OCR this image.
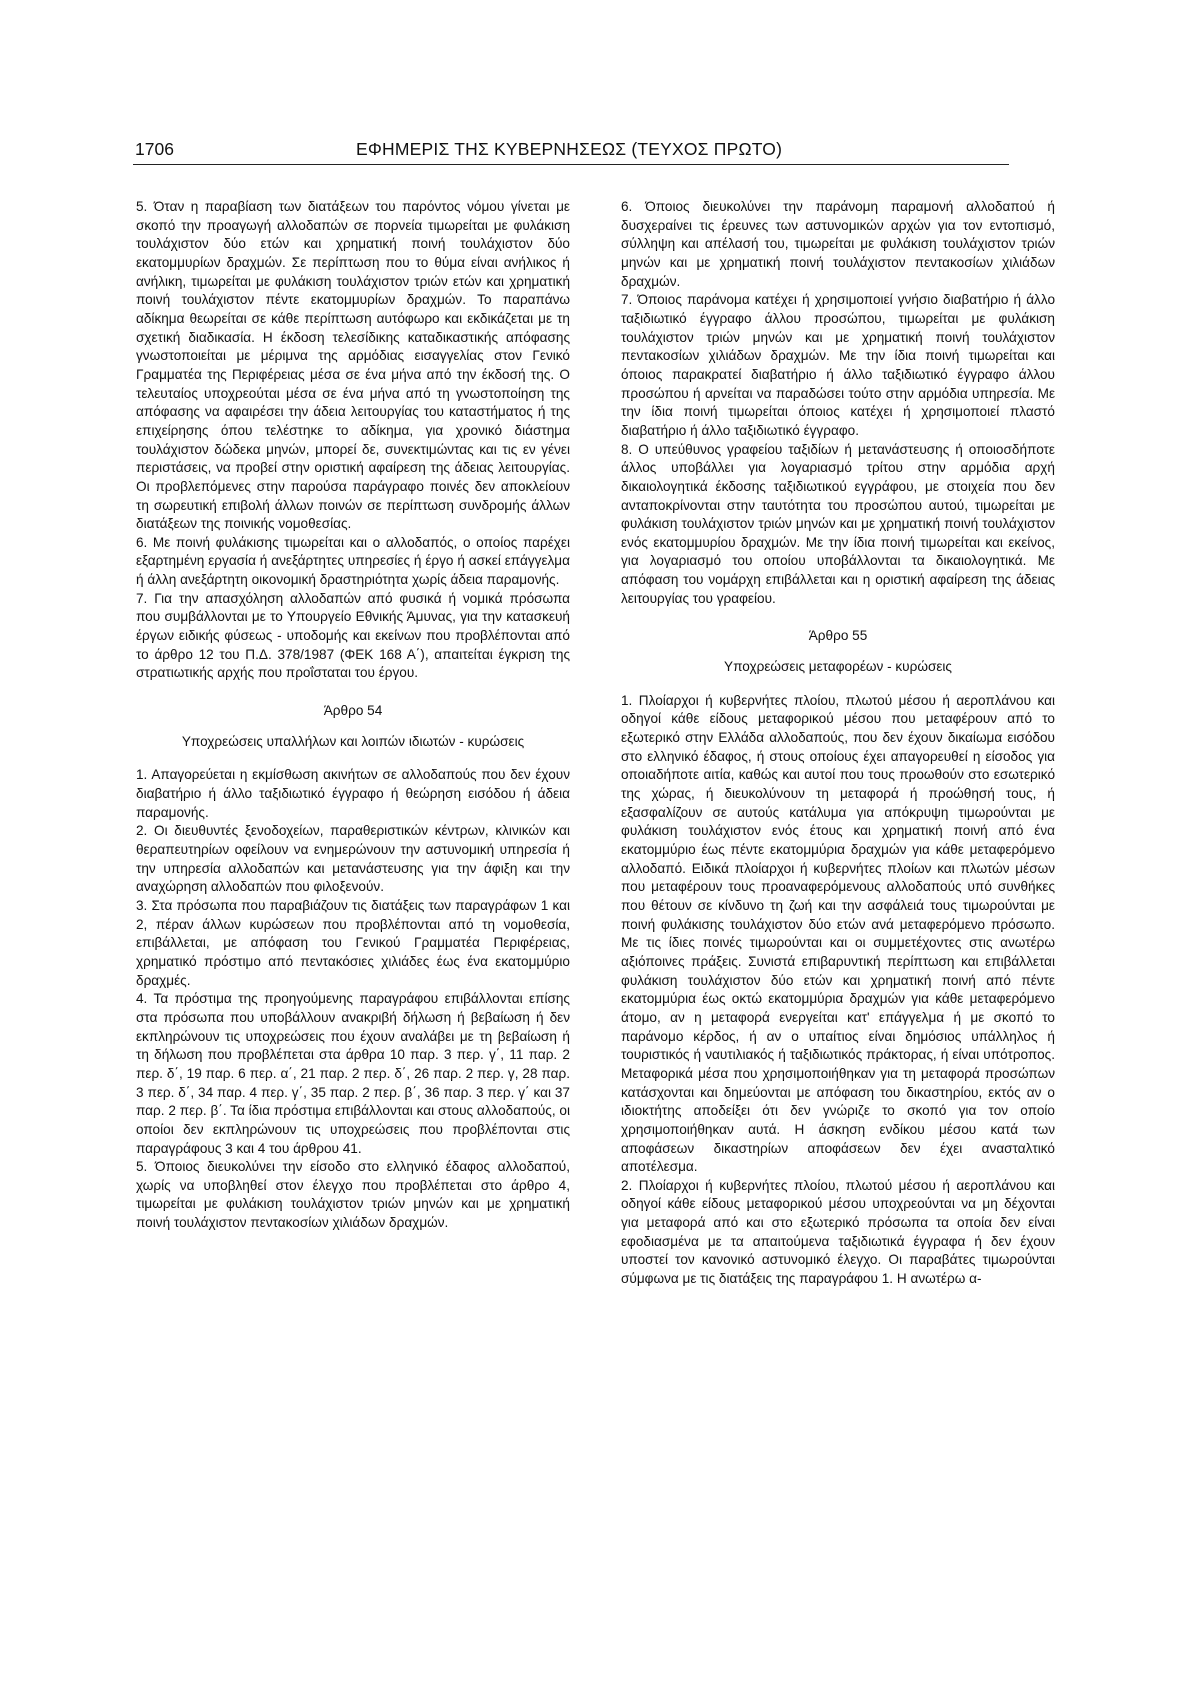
1706	ΕΦΗΜΕΡΙΣ ΤΗΣ ΚΥΒΕΡΝΗΣΕΩΣ (ΤΕΥΧΟΣ ΠΡΩΤΟ)

5. Όταν η παραβίαση των διατάξεων του παρόντος νόμου γίνεται με σκοπό την προαγωγή αλλοδαπών σε πορνεία τιμωρείται με φυλάκιση τουλάχιστον δύο ετών και χρηματική ποινή τουλάχιστον δύο εκατομμυρίων δραχμών. Σε περίπτωση που το θύμα είναι ανήλικος ή ανήλικη, τιμωρείται με φυλάκιση τουλάχιστον τριών ετών και χρηματική ποινή τουλάχιστον πέντε εκατομμυρίων δραχμών. Το παραπάνω αδίκημα θεωρείται σε κάθε περίπτωση αυτόφωρο και εκδικάζεται με τη σχετική διαδικασία. Η έκδοση τελεσίδικης καταδικαστικής απόφασης γνωστοποιείται με μέριμνα της αρμόδιας εισαγγελίας στον Γενικό Γραμματέα της Περιφέρειας μέσα σε ένα μήνα από την έκδοσή της. Ο τελευταίος υποχρεούται μέσα σε ένα μήνα από τη γνωστοποίηση της απόφασης να αφαιρέσει την άδεια λειτουργίας του καταστήματος ή της επιχείρησης όπου τελέστηκε το αδίκημα, για χρονικό διάστημα τουλάχιστον δώδεκα μηνών, μπορεί δε, συνεκτιμώντας και τις εν γένει περιστάσεις, να προβεί στην οριστική αφαίρεση της άδειας λειτουργίας. Οι προβλεπόμενες στην παρούσα παράγραφο ποινές δεν αποκλείουν τη σωρευτική επιβολή άλλων ποινών σε περίπτωση συνδρομής άλλων διατάξεων της ποινικής νομοθεσίας.

6. Με ποινή φυλάκισης τιμωρείται και ο αλλοδαπός, ο οποίος παρέχει εξαρτημένη εργασία ή ανεξάρτητες υπηρεσίες ή έργο ή ασκεί επάγγελμα ή άλλη ανεξάρτητη οικονομική δραστηριότητα χωρίς άδεια παραμονής.

7. Για την απασχόληση αλλοδαπών από φυσικά ή νομικά πρόσωπα που συμβάλλονται με το Υπουργείο Εθνικής Άμυνας, για την κατασκευή έργων ειδικής φύσεως - υποδομής και εκείνων που προβλέπονται από το άρθρο 12 του Π.Δ. 378/1987 (ΦΕΚ 168 Α΄), απαιτείται έγκριση της στρατιωτικής αρχής που προΐσταται του έργου.

Άρθρο 54

Υποχρεώσεις υπαλλήλων και λοιπών ιδιωτών - κυρώσεις

1. Απαγορεύεται η εκμίσθωση ακινήτων σε αλλοδαπούς που δεν έχουν διαβατήριο ή άλλο ταξιδιωτικό έγγραφο ή θεώρηση εισόδου ή άδεια παραμονής.

2. Οι διευθυντές ξενοδοχείων, παραθεριστικών κέντρων, κλινικών και θεραπευτηρίων οφείλουν να ενημερώνουν την αστυνομική υπηρεσία ή την υπηρεσία αλλοδαπών και μετανάστευσης για την άφιξη και την αναχώρηση αλλοδαπών που φιλοξενούν.

3. Στα πρόσωπα που παραβιάζουν τις διατάξεις των παραγράφων 1 και 2, πέραν άλλων κυρώσεων που προβλέπονται από τη νομοθεσία, επιβάλλεται, με απόφαση του Γενικού Γραμματέα Περιφέρειας, χρηματικό πρόστιμο από πεντακόσιες χιλιάδες έως ένα εκατομμύριο δραχμές.

4. Τα πρόστιμα της προηγούμενης παραγράφου επιβάλλονται επίσης στα πρόσωπα που υποβάλλουν ανακριβή δήλωση ή βεβαίωση ή δεν εκπληρώνουν τις υποχρεώσεις που έχουν αναλάβει με τη βεβαίωση ή τη δήλωση που προβλέπεται στα άρθρα 10 παρ. 3 περ. γ΄, 11 παρ. 2 περ. δ΄, 19 παρ. 6 περ. α΄, 21 παρ. 2 περ. δ΄, 26 παρ. 2 περ. γ, 28 παρ. 3 περ. δ΄, 34 παρ. 4 περ. γ΄, 35 παρ. 2 περ. β΄, 36 παρ. 3 περ. γ΄ και 37 παρ. 2 περ. β΄. Τα ίδια πρόστιμα επιβάλλονται και στους αλλοδαπούς, οι οποίοι δεν εκπληρώνουν τις υποχρεώσεις που προβλέπονται στις παραγράφους 3 και 4 του άρθρου 41.

5. Όποιος διευκολύνει την είσοδο στο ελληνικό έδαφος αλλοδαπού, χωρίς να υποβληθεί στον έλεγχο που προβλέπεται στο άρθρο 4, τιμωρείται με φυλάκιση τουλάχιστον τριών μηνών και με χρηματική ποινή τουλάχιστον πεντακοσίων χιλιάδων δραχμών.

6. Όποιος διευκολύνει την παράνομη παραμονή αλλοδαπού ή δυσχεραίνει τις έρευνες των αστυνομικών αρχών για τον εντοπισμό, σύλληψη και απέλασή του, τιμωρείται με φυλάκιση τουλάχιστον τριών μηνών και με χρηματική ποινή τουλάχιστον πεντακοσίων χιλιάδων δραχμών.

7. Όποιος παράνομα κατέχει ή χρησιμοποιεί γνήσιο διαβατήριο ή άλλο ταξιδιωτικό έγγραφο άλλου προσώπου, τιμωρείται με φυλάκιση τουλάχιστον τριών μηνών και με χρηματική ποινή τουλάχιστον πεντακοσίων χιλιάδων δραχμών. Με την ίδια ποινή τιμωρείται και όποιος παρακρατεί διαβατήριο ή άλλο ταξιδιωτικό έγγραφο άλλου προσώπου ή αρνείται να παραδώσει τούτο στην αρμόδια υπηρεσία. Με την ίδια ποινή τιμωρείται όποιος κατέχει ή χρησιμοποιεί πλαστό διαβατήριο ή άλλο ταξιδιωτικό έγγραφο.

8. Ο υπεύθυνος γραφείου ταξιδίων ή μετανάστευσης ή οποιοσδήποτε άλλος υποβάλλει για λογαριασμό τρίτου στην αρμόδια αρχή δικαιολογητικά έκδοσης ταξιδιωτικού εγγράφου, με στοιχεία που δεν ανταποκρίνονται στην ταυτότητα του προσώπου αυτού, τιμωρείται με φυλάκιση τουλάχιστον τριών μηνών και με χρηματική ποινή τουλάχιστον ενός εκατομμυρίου δραχμών. Με την ίδια ποινή τιμωρείται και εκείνος, για λογαριασμό του οποίου υποβάλλονται τα δικαιολογητικά. Με απόφαση του νομάρχη επιβάλλεται και η οριστική αφαίρεση της άδειας λειτουργίας του γραφείου.

Άρθρο 55

Υποχρεώσεις μεταφορέων - κυρώσεις

1. Πλοίαρχοι ή κυβερνήτες πλοίου, πλωτού μέσου ή αεροπλάνου και οδηγοί κάθε είδους μεταφορικού μέσου που μεταφέρουν από το εξωτερικό στην Ελλάδα αλλοδαπούς, που δεν έχουν δικαίωμα εισόδου στο ελληνικό έδαφος, ή στους οποίους έχει απαγορευθεί η είσοδος για οποιαδήποτε αιτία, καθώς και αυτοί που τους προωθούν στο εσωτερικό της χώρας, ή διευκολύνουν τη μεταφορά ή προώθησή τους, ή εξασφαλίζουν σε αυτούς κατάλυμα για απόκρυψη τιμωρούνται με φυλάκιση τουλάχιστον ενός έτους και χρηματική ποινή από ένα εκατομμύριο έως πέντε εκατομμύρια δραχμών για κάθε μεταφερόμενο αλλοδαπό. Ειδικά πλοίαρχοι ή κυβερνήτες πλοίων και πλωτών μέσων που μεταφέρουν τους προαναφερόμενους αλλοδαπούς υπό συνθήκες που θέτουν σε κίνδυνο τη ζωή και την ασφάλειά τους τιμωρούνται με ποινή φυλάκισης τουλάχιστον δύο ετών ανά μεταφερόμενο πρόσωπο. Με τις ίδιες ποινές τιμωρούνται και οι συμμετέχοντες στις ανωτέρω αξιόποινες πράξεις. Συνιστά επιβαρυντική περίπτωση και επιβάλλεται φυλάκιση τουλάχιστον δύο ετών και χρηματική ποινή από πέντε εκατομμύρια έως οκτώ εκατομμύρια δραχμών για κάθε μεταφερόμενο άτομο, αν η μεταφορά ενεργείται κατ' επάγγελμα ή με σκοπό το παράνομο κέρδος, ή αν ο υπαίτιος είναι δημόσιος υπάλληλος ή τουριστικός ή ναυτιλιακός ή ταξιδιωτικός πράκτορας, ή είναι υπότροπος. Μεταφορικά μέσα που χρησιμοποιήθηκαν για τη μεταφορά προσώπων κατάσχονται και δημεύονται με απόφαση του δικαστηρίου, εκτός αν ο ιδιοκτήτης αποδείξει ότι δεν γνώριζε το σκοπό για τον οποίο χρησιμοποιήθηκαν αυτά. Η άσκηση ενδίκου μέσου κατά των αποφάσεων δικαστηρίων αποφάσεων δεν έχει ανασταλτικό αποτέλεσμα.

2. Πλοίαρχοι ή κυβερνήτες πλοίου, πλωτού μέσου ή αεροπλάνου και οδηγοί κάθε είδους μεταφορικού μέσου υποχρεούνται να μη δέχονται για μεταφορά από και στο εξωτερικό πρόσωπα τα οποία δεν είναι εφοδιασμένα με τα απαιτούμενα ταξιδιωτικά έγγραφα ή δεν έχουν υποστεί τον κανονικό αστυνομικό έλεγχο. Οι παραβάτες τιμωρούνται σύμφωνα με τις διατάξεις της παραγράφου 1. Η ανωτέρω α-
